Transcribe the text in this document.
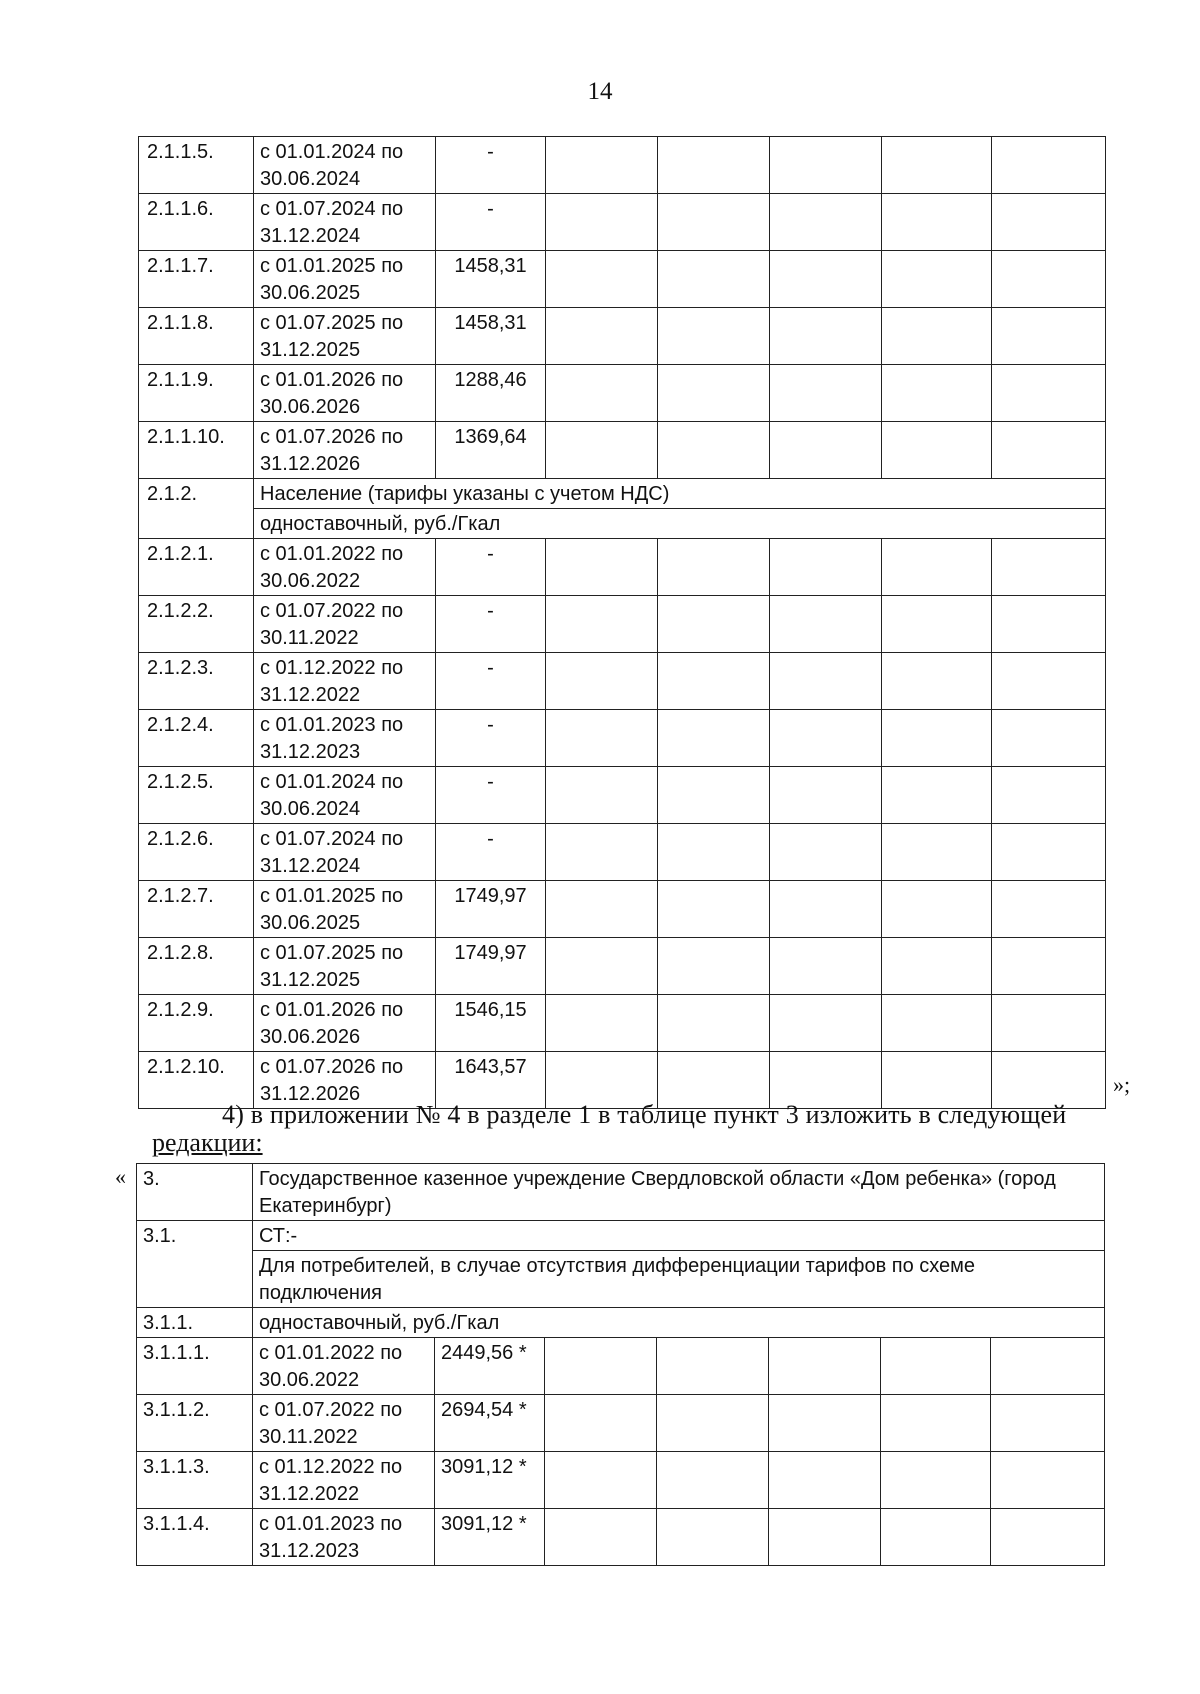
14
2.1.1.5.	с 01.01.2024 по 30.06.2024	-					
2.1.1.6.	с 01.07.2024 по 31.12.2024	-					
2.1.1.7.	с 01.01.2025 по 30.06.2025	1458,31					
2.1.1.8.	с 01.07.2025 по 31.12.2025	1458,31					
2.1.1.9.	с 01.01.2026 по 30.06.2026	1288,46					
2.1.1.10.	с 01.07.2026 по 31.12.2026	1369,64					
2.1.2.	Население (тарифы указаны с учетом НДС)						
	одноставочный, руб./Гкал						
2.1.2.1.	с 01.01.2022 по 30.06.2022	-					
2.1.2.2.	с 01.07.2022 по 30.11.2022	-					
2.1.2.3.	с 01.12.2022 по 31.12.2022	-					
2.1.2.4.	с 01.01.2023 по 31.12.2023	-					
2.1.2.5.	с 01.01.2024 по 30.06.2024	-					
2.1.2.6.	с 01.07.2024 по 31.12.2024	-					
2.1.2.7.	с 01.01.2025 по 30.06.2025	1749,97					
2.1.2.8.	с 01.07.2025 по 31.12.2025	1749,97					
2.1.2.9.	с 01.01.2026 по 30.06.2026	1546,15					
2.1.2.10.	с 01.07.2026 по 31.12.2026	1643,57					
»;
4) в приложении № 4 в разделе 1 в таблице пункт 3 изложить в следующей
редакции:
« 3.	Государственное казенное учреждение Свердловской области «Дом ребенка» (город Екатеринбург)						
3.1.	СТ:-						
	Для потребителей, в случае отсутствия дифференциации тарифов по схеме подключения						
3.1.1.	одноставочный, руб./Гкал						
3.1.1.1.	с 01.01.2022 по 30.06.2022	2449,56 *					
3.1.1.2.	с 01.07.2022 по 30.11.2022	2694,54 *					
3.1.1.3.	с 01.12.2022 по 31.12.2022	3091,12 *					
3.1.1.4.	с 01.01.2023 по 31.12.2023	3091,12 *					
